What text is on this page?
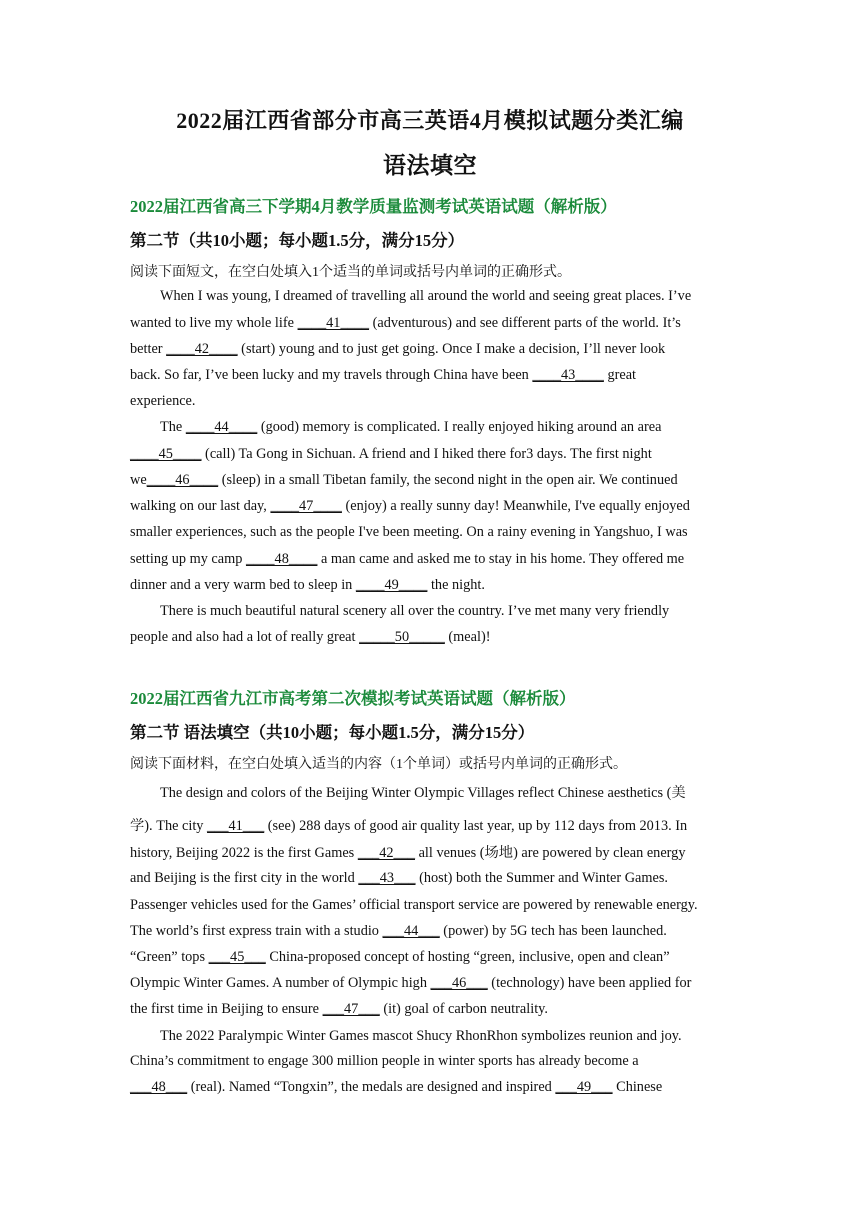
2022届江西省部分市高三英语4月模拟试题分类汇编
语法填空
2022届江西省高三下学期4月教学质量监测考试英语试题（解析版）
第二节（共10小题；每小题1.5分，满分15分）
阅读下面短文，在空白处填入1个适当的单词或括号内单词的正确形式。
When I was young, I dreamed of travelling all around the world and seeing great places. I’ve
wanted to live my whole life ____41____ (adventurous) and see different parts of the world. It’s
better ____42____ (start) young and to just get going. Once I make a decision, I’ll never look
back. So far, I’ve been lucky and my travels through China have been ____43____ great
experience.
The ____44____ (good) memory is complicated. I really enjoyed hiking around an area
____45____ (call) Ta Gong in Sichuan. A friend and I hiked there for3 days. The first night
we____46____ (sleep) in a small Tibetan family, the second night in the open air. We continued
walking on our last day, ____47____ (enjoy) a really sunny day! Meanwhile, I've equally enjoyed
smaller experiences, such as the people I've been meeting. On a rainy evening in Yangshuo, I was
setting up my camp ____48____ a man came and asked me to stay in his home. They offered me
dinner and a very warm bed to sleep in ____49____ the night.
There is much beautiful natural scenery all over the country. I’ve met many very friendly
people and also had a lot of really great _____50_____ (meal)!
2022届江西省九江市高考第二次模拟考试英语试题（解析版）
第二节 语法填空（共10小题；每小题1.5分，满分15分）
阅读下面材料，在空白处填入适当的内容（1个单词）或括号内单词的正确形式。
The design and colors of the Beijing Winter Olympic Villages reflect Chinese aesthetics (美
学). The city ___41___ (see) 288 days of good air quality last year, up by 112 days from 2013. In
history, Beijing 2022 is the first Games ___42___ all venues (场地) are powered by clean energy
and Beijing is the first city in the world ___43___ (host) both the Summer and Winter Games.
Passenger vehicles used for the Games’ official transport service are powered by renewable energy.
The world’s first express train with a studio ___44___ (power) by 5G tech has been launched.
“Green” tops ___45___ China-proposed concept of hosting “green, inclusive, open and clean”
Olympic Winter Games. A number of Olympic high ___46___ (technology) have been applied for
the first time in Beijing to ensure ___47___ (it) goal of carbon neutrality.
The 2022 Paralympic Winter Games mascot Shucy RhonRhon symbolizes reunion and joy.
China’s commitment to engage 300 million people in winter sports has already become a
___48___ (real). Named “Tongxin”, the medals are designed and inspired ___49___ Chinese
